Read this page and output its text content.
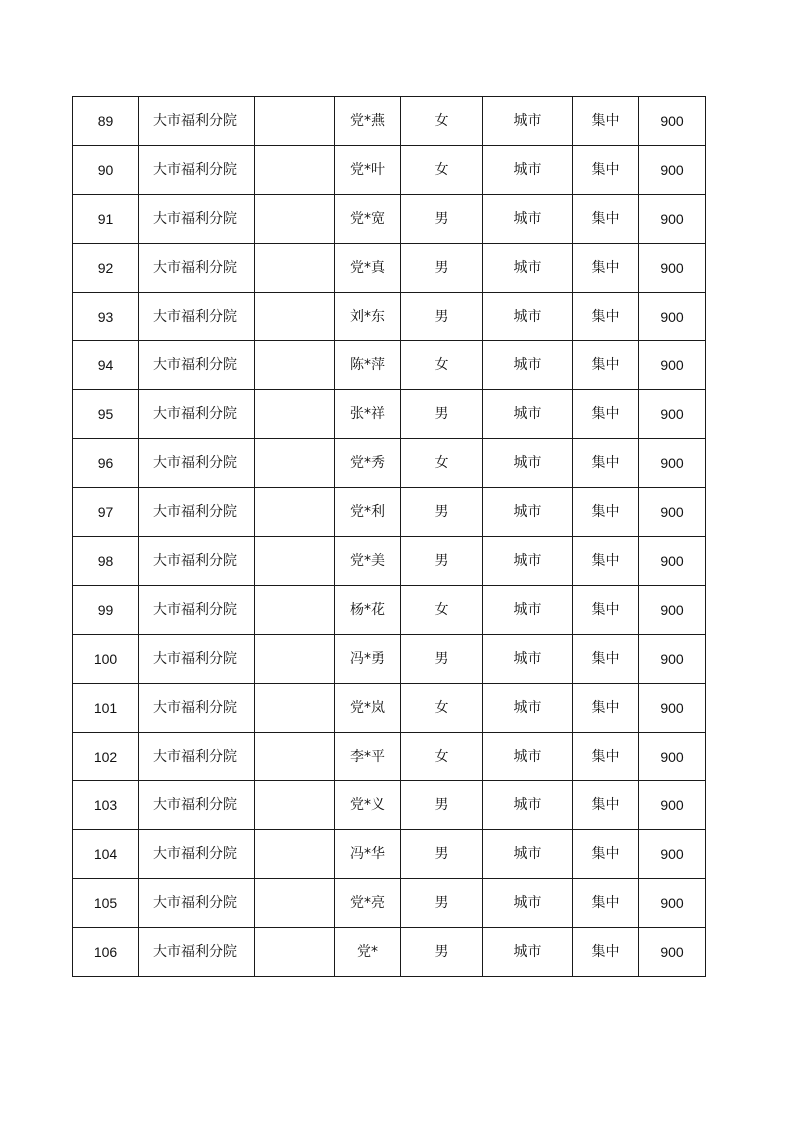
89	大市福利分院		党*燕	女	城市	集中	900
90	大市福利分院		党*叶	女	城市	集中	900
91	大市福利分院		党*宽	男	城市	集中	900
92	大市福利分院		党*真	男	城市	集中	900
93	大市福利分院		刘*东	男	城市	集中	900
94	大市福利分院		陈*萍	女	城市	集中	900
95	大市福利分院		张*祥	男	城市	集中	900
96	大市福利分院		党*秀	女	城市	集中	900
97	大市福利分院		党*利	男	城市	集中	900
98	大市福利分院		党*美	男	城市	集中	900
99	大市福利分院		杨*花	女	城市	集中	900
100	大市福利分院		冯*勇	男	城市	集中	900
101	大市福利分院		党*岚	女	城市	集中	900
102	大市福利分院		李*平	女	城市	集中	900
103	大市福利分院		党*义	男	城市	集中	900
104	大市福利分院		冯*华	男	城市	集中	900
105	大市福利分院		党*亮	男	城市	集中	900
106	大市福利分院		党*	男	城市	集中	900
